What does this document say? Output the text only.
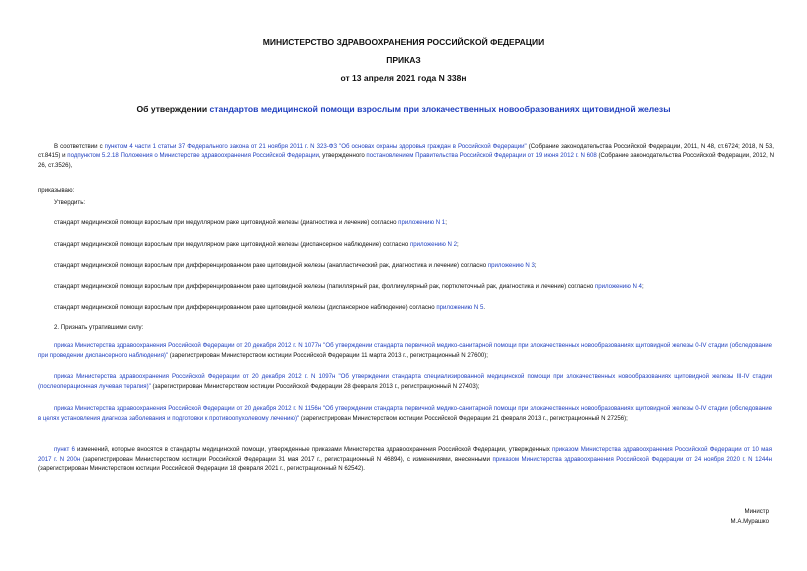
МИНИСТЕРСТВО ЗДРАВООХРАНЕНИЯ РОССИЙСКОЙ ФЕДЕРАЦИИ

ПРИКАЗ

от 13 апреля 2021 года N 338н

Об утверждении стандартов медицинской помощи взрослым при злокачественных новообразованиях щитовидной железы

В соответствии с пунктом 4 части 1 статьи 37 Федерального закона от 21 ноября 2011 г. N 323-ФЗ "Об основах охраны здоровья граждан в Российской Федерации" (Собрание законодательства Российской Федерации, 2011, N 48, ст.6724; 2018, N 53, ст.8415) и подпунктом 5.2.18 Положения о Министерстве здравоохранения Российской Федерации, утвержденного постановлением Правительства Российской Федерации от 19 июня 2012 г. N 608 (Собрание законодательства Российской Федерации, 2012, N 26, ст.3526),

приказываю:

Утвердить:

стандарт медицинской помощи взрослым при медуллярном раке щитовидной железы (диагностика и лечение) согласно приложению N 1;

стандарт медицинской помощи взрослым при медуллярном раке щитовидной железы (диспансерное наблюдение) согласно приложению N 2;

стандарт медицинской помощи взрослым при дифференцированном раке щитовидной железы (анапластический рак, диагностика и лечение) согласно приложению N 3;

стандарт медицинской помощи взрослым при дифференцированном раке щитовидной железы (папиллярный рак, фолликулярный рак, гюртклеточный рак, диагностика и лечение) согласно приложению N 4;

стандарт медицинской помощи взрослым при дифференцированном раке щитовидной железы (диспансерное наблюдение) согласно приложению N 5.

2. Признать утратившими силу:

приказ Министерства здравоохранения Российской Федерации от 20 декабря 2012 г. N 1077н "Об утверждении стандарта первичной медико-санитарной помощи при злокачественных новообразованиях щитовидной железы 0-IV стадии (обследование при проведении диспансерного наблюдения)" (зарегистрирован Министерством юстиции Российской Федерации 11 марта 2013 г., регистрационный N 27600);

приказ Министерства здравоохранения Российской Федерации от 20 декабря 2012 г. N 1097н "Об утверждении стандарта специализированной медицинской помощи при злокачественных новообразованиях щитовидной железы III-IV стадии (послеоперационная лучевая терапия)" (зарегистрирован Министерством юстиции Российской Федерации 28 февраля 2013 г., регистрационный N 27403);

приказ Министерства здравоохранения Российской Федерации от 20 декабря 2012 г. N 1156н "Об утверждении стандарта первичной медико-санитарной помощи при злокачественных новообразованиях щитовидной железы 0-IV стадии (обследование в целях установления диагноза заболевания и подготовки к противоопухолевому лечению)" (зарегистрирован Министерством юстиции Российской Федерации 21 февраля 2013 г., регистрационный N 27256);

пункт 6 изменений, которые вносятся в стандарты медицинской помощи, утвержденные приказами Министерства здравоохранения Российской Федерации, утвержденных приказом Министерства здравоохранения Российской Федерации от 10 мая 2017 г. N 200н (зарегистрирован Министерством юстиции Российской Федерации 31 мая 2017 г., регистрационный N 46894), с изменениями, внесенными приказом Министерства здравоохранения Российской Федерации от 24 ноября 2020 г. N 1244н (зарегистрирован Министерством юстиции Российской Федерации 18 февраля 2021 г., регистрационный N 62542).

Министр

М.А.Мурашко
